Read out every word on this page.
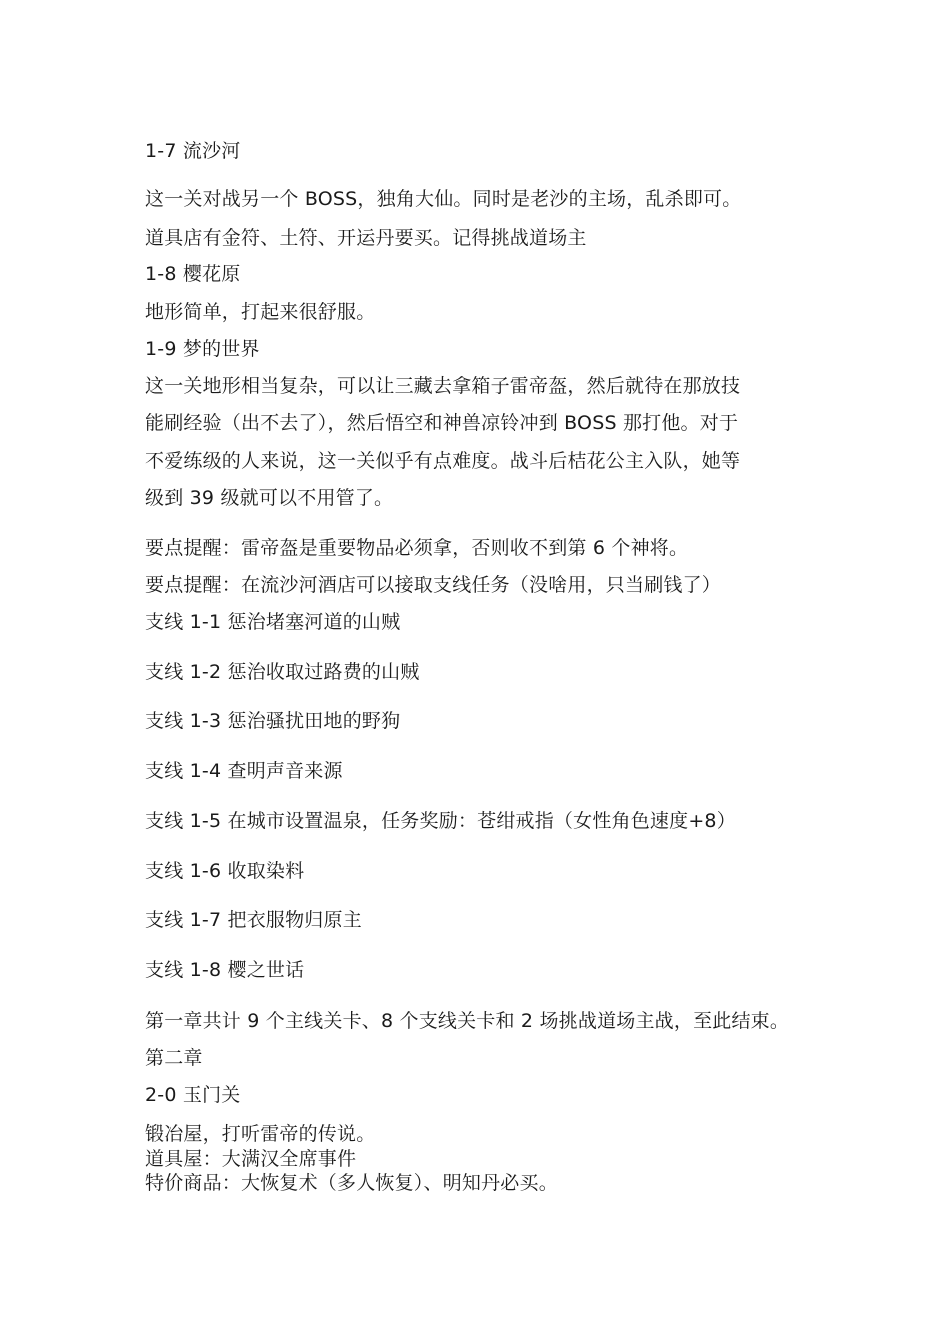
1-7 流沙河
这一关对战另一个 BOSS，独角大仙。同时是老沙的主场，乱杀即可。
道具店有金符、土符、开运丹要买。记得挑战道场主
1-8 樱花原
地形简单，打起来很舒服。
1-9 梦的世界
这一关地形相当复杂，可以让三藏去拿箱子雷帝盔，然后就待在那放技
能刷经验（出不去了），然后悟空和神兽凉铃冲到 BOSS 那打他。对于
不爱练级的人来说，这一关似乎有点难度。战斗后桔花公主入队，她等
级到 39 级就可以不用管了。
要点提醒：雷帝盔是重要物品必须拿，否则收不到第 6 个神将。
要点提醒：在流沙河酒店可以接取支线任务（没啥用，只当刷钱了）
支线 1-1 惩治堵塞河道的山贼
支线 1-2 惩治收取过路费的山贼
支线 1-3 惩治骚扰田地的野狗
支线 1-4 查明声音来源
支线 1-5 在城市设置温泉，任务奖励：苍绀戒指（女性角色速度+8）
支线 1-6 收取染料
支线 1-7 把衣服物归原主
支线 1-8 樱之世话
第一章共计 9 个主线关卡、8 个支线关卡和 2 场挑战道场主战，至此结束。
第二章
2-0 玉门关
锻冶屋，打听雷帝的传说。
道具屋：大满汉全席事件
特价商品：大恢复术（多人恢复）、明知丹必买。
